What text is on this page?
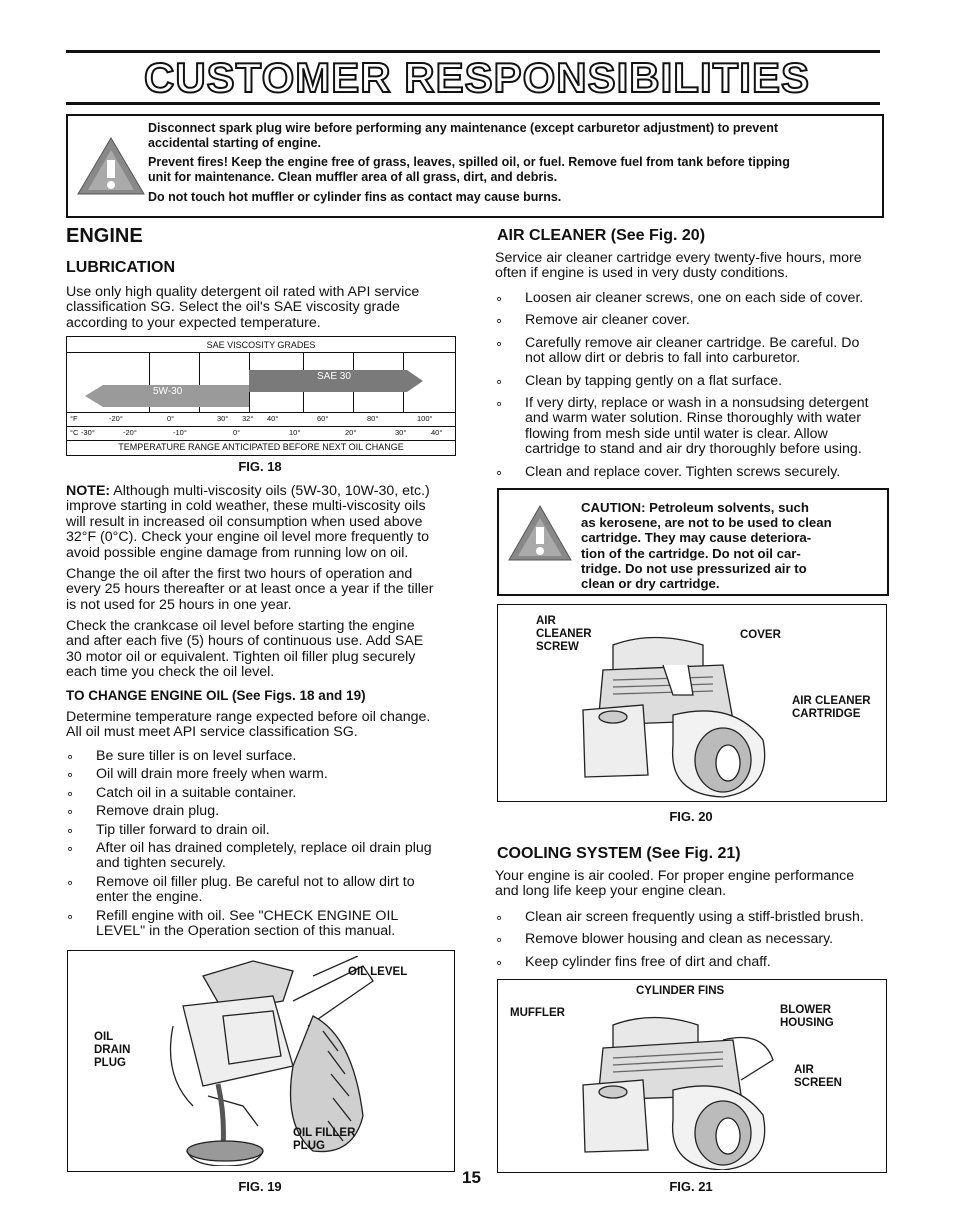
CUSTOMER RESPONSIBILITIES
Disconnect spark plug wire before performing any maintenance (except carburetor adjustment) to prevent
accidental starting of engine.
Prevent fires! Keep the engine free of grass, leaves, spilled oil, or fuel. Remove fuel from tank before tipping
unit for maintenance. Clean muffler area of all grass, dirt, and debris.
Do not touch hot muffler or cylinder fins as contact may cause burns.
ENGINE
LUBRICATION
Use only high quality detergent oil rated with API service
classification SG. Select the oil's SAE viscosity grade
according to your expected temperature.
SAE VISCOSITY GRADES
5W-30
SAE 30
°F	-20°	0°	30° 32° 40°	60°	80°	100°
°C -30°	-20°	-10°	0°	10°	20°	30°	40°
TEMPERATURE RANGE ANTICIPATED BEFORE NEXT OIL CHANGE
FIG. 18
NOTE: Although multi-viscosity oils (5W-30, 10W-30, etc.)
improve starting in cold weather, these multi-viscosity oils
will result in increased oil consumption when used above
32°F (0°C). Check your engine oil level more frequently to
avoid possible engine damage from running low on oil.
Change the oil after the first two hours of operation and
every 25 hours thereafter or at least once a year if the tiller
is not used for 25 hours in one year.
Check the crankcase oil level before starting the engine
and after each five (5) hours of continuous use. Add SAE
30 motor oil or equivalent. Tighten oil filler plug securely
each time you check the oil level.
TO CHANGE ENGINE OIL (See Figs. 18 and 19)
Determine temperature range expected before oil change.
All oil must meet API service classification SG.
∘ Be sure tiller is on level surface.
∘ Oil will drain more freely when warm.
∘ Catch oil in a suitable container.
∘ Remove drain plug.
∘ Tip tiller forward to drain oil.
∘ After oil has drained completely, replace oil drain plug
and tighten securely.
∘ Remove oil filler plug. Be careful not to allow dirt to
enter the engine.
∘ Refill engine with oil. See "CHECK ENGINE OIL
LEVEL" in the Operation section of this manual.
OIL LEVEL
OIL
DRAIN
PLUG
OIL FILLER
PLUG
FIG. 19	15
AIR CLEANER (See Fig. 20)
Service air cleaner cartridge every twenty-five hours, more
often if engine is used in very dusty conditions.
∘ Loosen air cleaner screws, one on each side of cover.
∘ Remove air cleaner cover.
∘ Carefully remove air cleaner cartridge. Be careful. Do
not allow dirt or debris to fall into carburetor.
∘ Clean by tapping gently on a flat surface.
∘ If very dirty, replace or wash in a nonsudsing detergent
and warm water solution. Rinse thoroughly with water
flowing from mesh side until water is clear. Allow
cartridge to stand and air dry thoroughly before using.
∘ Clean and replace cover. Tighten screws securely.
CAUTION: Petroleum solvents, such
as kerosene, are not to be used to clean
cartridge. They may cause deteriora-
tion of the cartridge. Do not oil car-
tridge. Do not use pressurized air to
clean or dry cartridge.
AIR
CLEANER
SCREW
COVER
AIR CLEANER
CARTRIDGE
FIG. 20
COOLING SYSTEM (See Fig. 21)
Your engine is air cooled. For proper engine performance
and long life keep your engine clean.
∘ Clean air screen frequently using a stiff-bristled brush.
∘ Remove blower housing and clean as necessary.
∘ Keep cylinder fins free of dirt and chaff.
CYLINDER FINS
MUFFLER	BLOWER
HOUSING
AIR
SCREEN
FIG. 21
